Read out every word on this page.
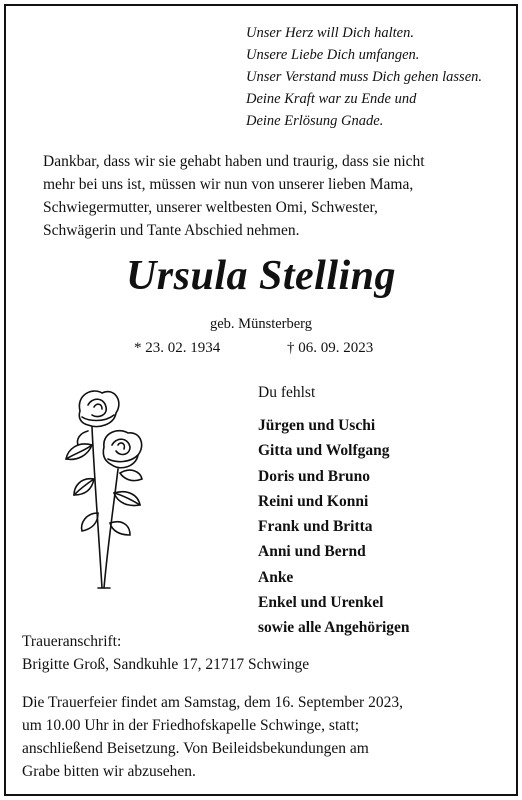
Unser Herz will Dich halten.
Unsere Liebe Dich umfangen.
Unser Verstand muss Dich gehen lassen.
Deine Kraft war zu Ende und
Deine Erlösung Gnade.
Dankbar, dass wir sie gehabt haben und traurig, dass sie nicht
mehr bei uns ist, müssen wir nun von unserer lieben Mama,
Schwiegermutter, unserer weltbesten Omi, Schwester,
Schwägerin und Tante Abschied nehmen.
Ursula Stelling
geb. Münsterberg
* 23. 02. 1934	† 06. 09. 2023
Du fehlst
Jürgen und Uschi
Gitta und Wolfgang
Doris und Bruno
Reini und Konni
Frank und Britta
Anni und Bernd
Anke
Enkel und Urenkel
sowie alle Angehörigen
Traueranschrift:
Brigitte Groß, Sandkuhle 17, 21717 Schwinge
Die Trauerfeier findet am Samstag, dem 16. September 2023,
um 10.00 Uhr in der Friedhofskapelle Schwinge, statt;
anschließend Beisetzung. Von Beileidsbekundungen am
Grabe bitten wir abzusehen.
